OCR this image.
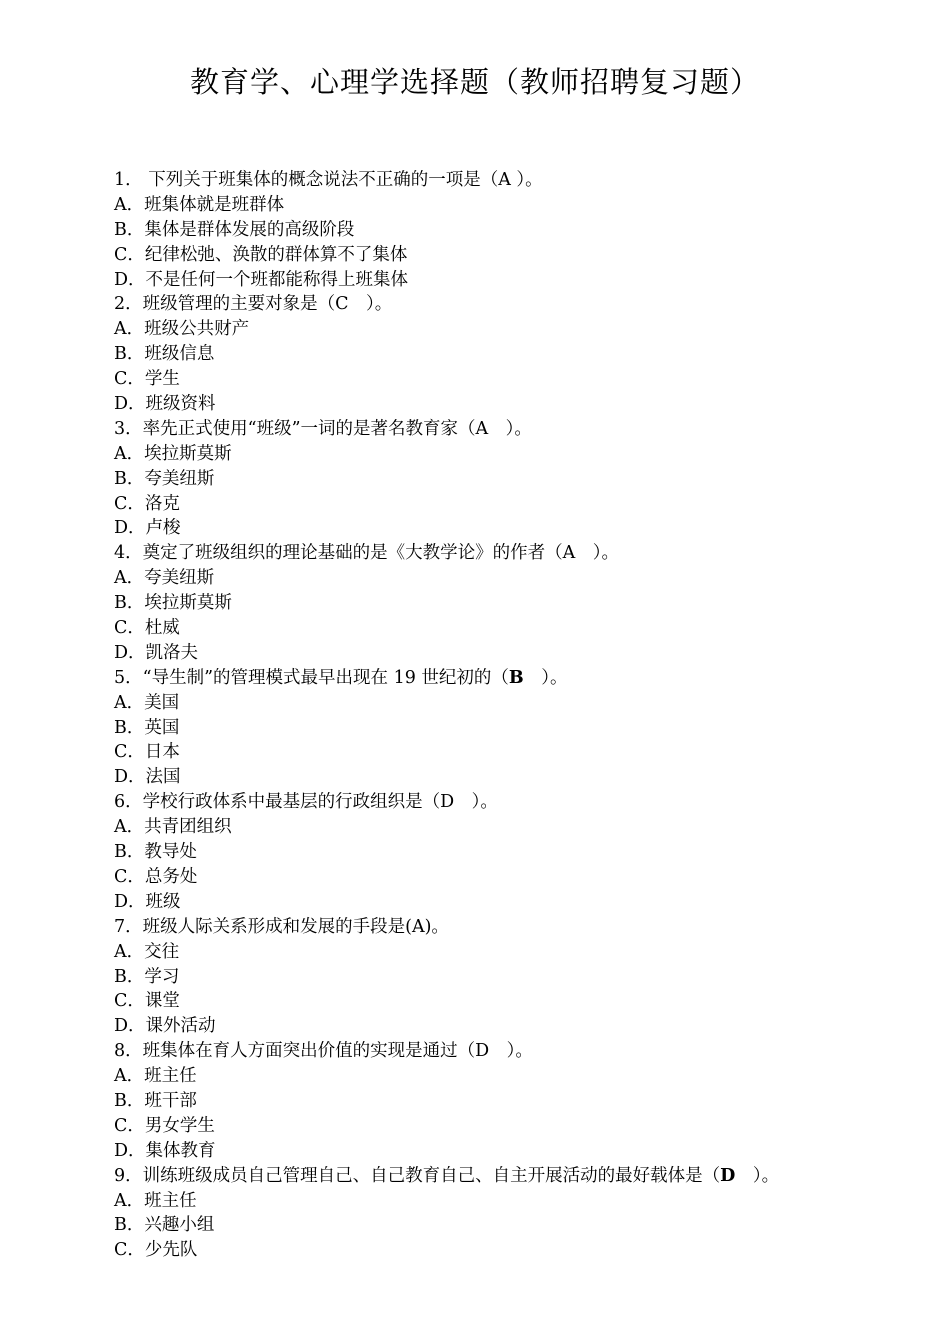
教育学、心理学选择题（教师招聘复习题）
1． 下列关于班集体的概念说法不正确的一项是（A ）。
A．班集体就是班群体
B．集体是群体发展的高级阶段
C．纪律松弛、涣散的群体算不了集体
D．不是任何一个班都能称得上班集体
2．班级管理的主要对象是（C　）。
A．班级公共财产
B．班级信息
C．学生
D．班级资料
3．率先正式使用“班级”一词的是著名教育家（A　）。
A．埃拉斯莫斯
B．夸美纽斯
C．洛克
D．卢梭
4．奠定了班级组织的理论基础的是《大教学论》的作者（A　）。
A．夸美纽斯
B．埃拉斯莫斯
C．杜威
D．凯洛夫
5．“导生制”的管理模式最早出现在 19 世纪初的（B　）。
A．美国
B．英国
C．日本
D．法国
6．学校行政体系中最基层的行政组织是（D　）。
A．共青团组织
B．教导处
C．总务处
D．班级
7．班级人际关系形成和发展的手段是(A)。
A．交往
B．学习
C．课堂
D．课外活动
8．班集体在育人方面突出价值的实现是通过（D　）。
A．班主任
B．班干部
C．男女学生
D．集体教育
9．训练班级成员自己管理自己、自己教育自己、自主开展活动的最好载体是（D　）。
A．班主任
B．兴趣小组
C．少先队
